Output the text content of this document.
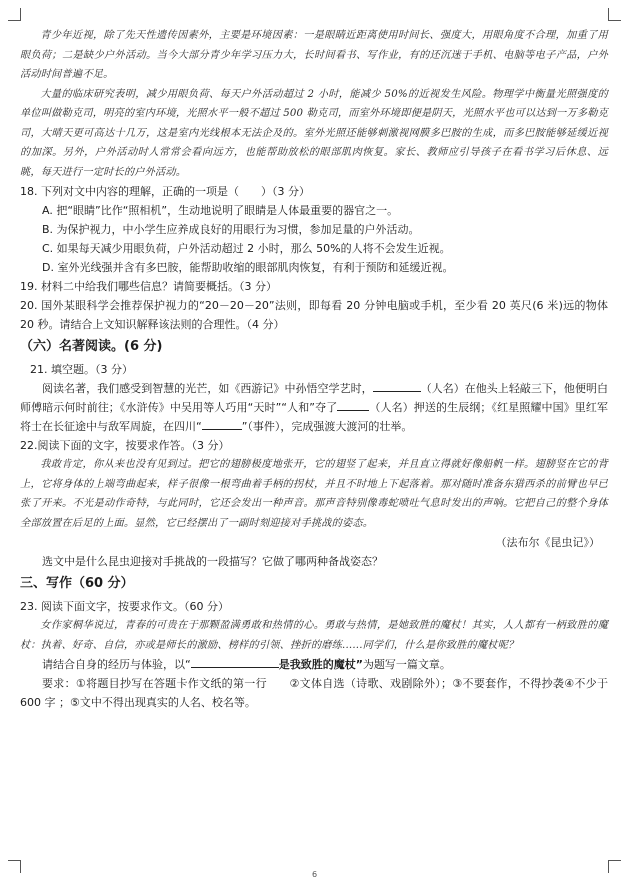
青少年近视，除了先天性遗传因素外，主要是环境因素：一是眼睛近距离使用时间长、强度大，用眼角度不合理，加重了用眼负荷；二是缺少户外活动。当今大部分青少年学习压力大，长时间看书、写作业，有的还沉迷于手机、电脑等电子产品，户外活动时间普遍不足。

大量的临床研究表明，减少用眼负荷、每天户外活动超过 2 小时，能减少 50%的近视发生风险。物理学中衡量光照强度的单位叫做勒克司，明亮的室内环境，光照水平一般不超过 500 勒克司，而室外环境即便是阴天，光照水平也可以达到一万多勒克司，大晴天更可高达十几万，这是室内光线根本无法企及的。室外光照还能够刺激视网膜多巴胺的生成，而多巴胺能够延缓近视的加深。另外，户外活动时人常常会看向远方，也能帮助放松的眼部肌肉恢复。家长、教师应引导孩子在看书学习后休息、远眺，每天进行一定时长的户外活动。

18. 下列对文中内容的理解，正确的一项是（　　）（3 分）

A. 把“眼睛”比作“照相机”，生动地说明了眼睛是人体最重要的器官之一。

B. 为保护视力，中小学生应养成良好的用眼行为习惯，参加足量的户外活动。

C. 如果每天减少用眼负荷，户外活动超过 2 小时，那么 50%的人将不会发生近视。

D. 室外光线强并含有多巴胺，能帮助收缩的眼部肌肉恢复，有利于预防和延缓近视。

19. 材料二中给我们哪些信息？请简要概括。（3 分）

20. 国外某眼科学会推荐保护视力的“20－20－20”法则，即每看 20 分钟电脑或手机，至少看 20 英尺(6 米)远的物体 20 秒。请结合上文知识解释该法则的合理性。（4 分）

（六）名著阅读。(6 分)

21. 填空题。（3 分）

阅读名著，我们感受到智慧的光芒，如《西游记》中孙悟空学艺时，	（人名）在他头上轻敲三下，他便明白师傅暗示何时前往；《水浒传》中吴用等人巧用“天时”“人和”夺了	（人名）押送的生辰纲；《红星照耀中国》里红军将士在长征途中与敌军周旋，在四川“	”（事件），完成强渡大渡河的壮举。

22.阅读下面的文字，按要求作答。（3 分）

我敢肯定，你从来也没有见到过。把它的翅膀极度地张开，它的翅竖了起来，并且直立得就好像船帆一样。翅膀竖在它的背上，它将身体的上端弯曲起来，样子很像一根弯曲着手柄的拐杖，并且不时地上下起落着。那对随时准备东猎西杀的前臂也早已张了开来。不光是动作奇特，与此同时，它还会发出一种声音。那声音特别像毒蛇喷吐气息时发出的声响。它把自己的整个身体全部放置在后足的上面。显然，它已经摆出了一副时刻迎接对手挑战的姿态。

（法布尔《昆虫记》）

选文中是什么昆虫迎接对手挑战的一段描写？它做了哪两种备战姿态？

三、写作（60 分）

23. 阅读下面文字，按要求作文。（60 分）

女作家桐华说过，青春的可贵在于那颗盈满勇敢和热情的心。勇敢与热情，是她致胜的魔杖！其实，人人都有一柄致胜的魔杖：执着、好奇、自信，亦或是师长的激励、榜样的引领、挫折的磨练......同学们，什么是你致胜的魔杖呢？

请结合自身的经历与体验，以“	是我致胜的魔杖”为题写一篇文章。

要求：①将题目抄写在答题卡作文纸的第一行　　②文体自选（诗歌、戏剧除外）；③不要套作，不得抄袭④不少于 600 字 ；⑤文中不得出现真实的人名、校名等。

6
